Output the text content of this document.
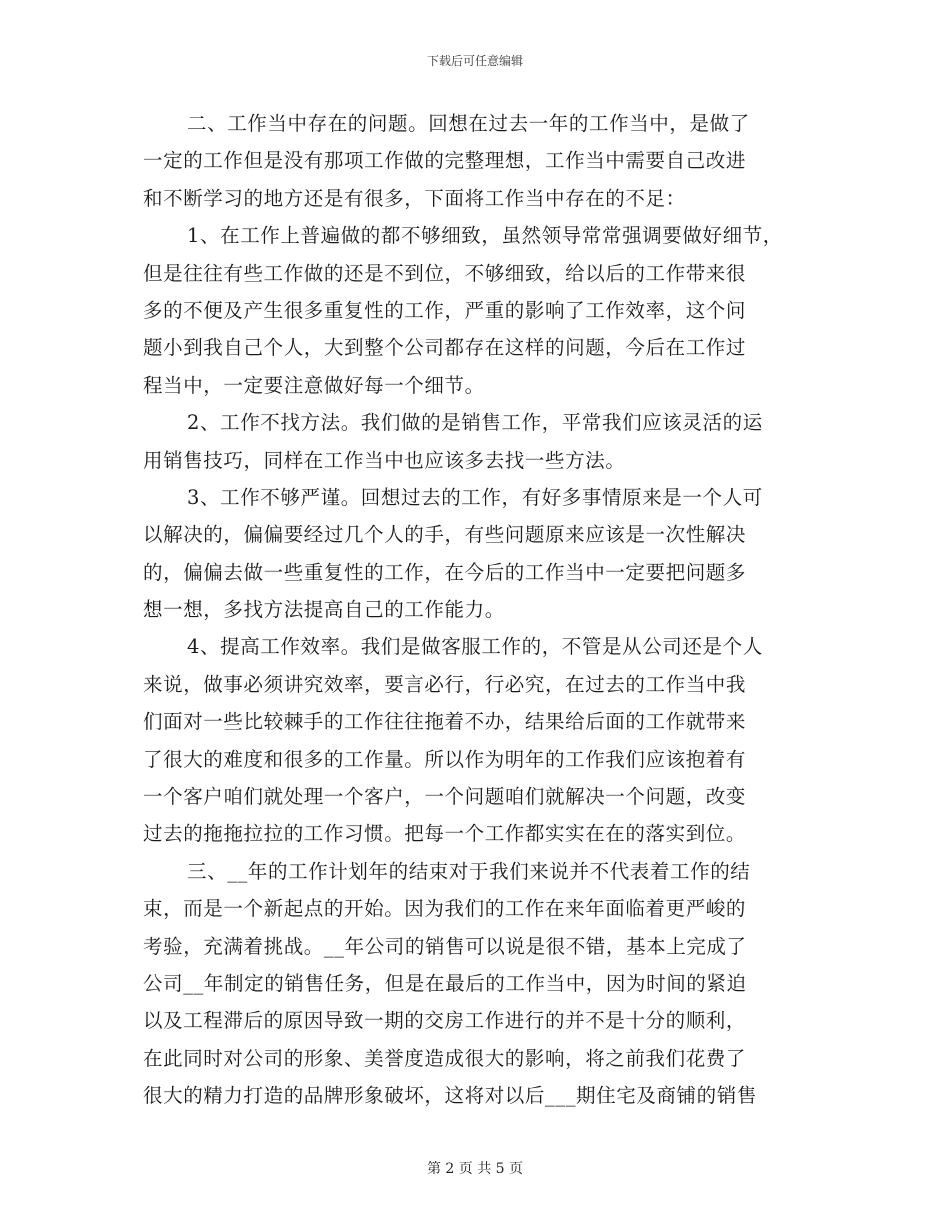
下载后可任意编辑
二、工作当中存在的问题。回想在过去一年的工作当中，是做了
一定的工作但是没有那项工作做的完整理想，工作当中需要自己改进
和不断学习的地方还是有很多，下面将工作当中存在的不足：
1、在工作上普遍做的都不够细致，虽然领导常常强调要做好细节，
但是往往有些工作做的还是不到位，不够细致，给以后的工作带来很
多的不便及产生很多重复性的工作，严重的影响了工作效率，这个问
题小到我自己个人，大到整个公司都存在这样的问题，今后在工作过
程当中，一定要注意做好每一个细节。
2、工作不找方法。我们做的是销售工作，平常我们应该灵活的运
用销售技巧，同样在工作当中也应该多去找一些方法。
3、工作不够严谨。回想过去的工作，有好多事情原来是一个人可
以解决的，偏偏要经过几个人的手，有些问题原来应该是一次性解决
的，偏偏去做一些重复性的工作，在今后的工作当中一定要把问题多
想一想，多找方法提高自己的工作能力。
4、提高工作效率。我们是做客服工作的，不管是从公司还是个人
来说，做事必须讲究效率，要言必行，行必究，在过去的工作当中我
们面对一些比较棘手的工作往往拖着不办，结果给后面的工作就带来
了很大的难度和很多的工作量。所以作为明年的工作我们应该抱着有
一个客户咱们就处理一个客户，一个问题咱们就解决一个问题，改变
过去的拖拖拉拉的工作习惯。把每一个工作都实实在在的落实到位。
三、__年的工作计划年的结束对于我们来说并不代表着工作的结
束，而是一个新起点的开始。因为我们的工作在来年面临着更严峻的
考验，充满着挑战。__年公司的销售可以说是很不错，基本上完成了
公司__年制定的销售任务，但是在最后的工作当中，因为时间的紧迫
以及工程滞后的原因导致一期的交房工作进行的并不是十分的顺利，
在此同时对公司的形象、美誉度造成很大的影响，将之前我们花费了
很大的精力打造的品牌形象破坏，这将对以后___期住宅及商铺的销售
第 2 页 共 5 页
